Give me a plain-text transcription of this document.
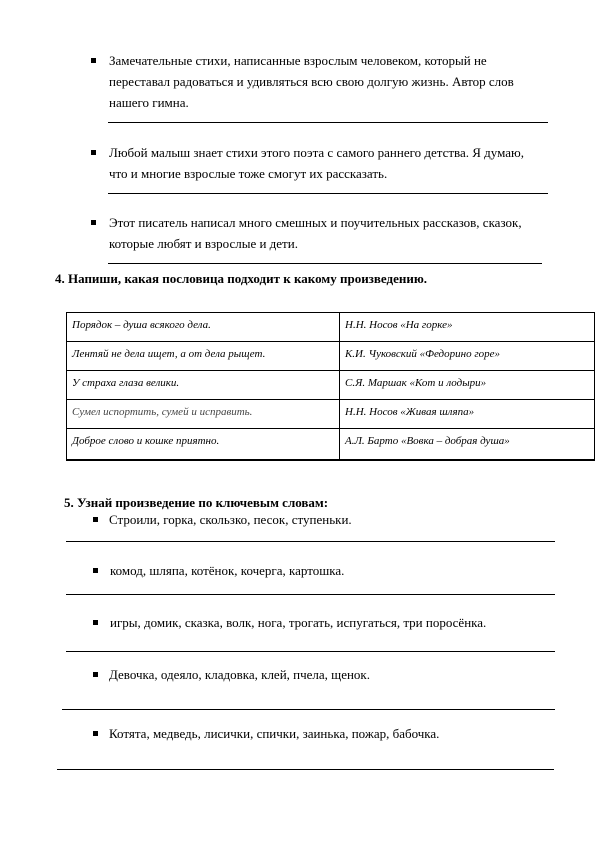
Замечательные стихи, написанные взрослым человеком, который не
переставал радоваться и удивляться всю свою долгую жизнь. Автор слов
нашего гимна.
Любой малыш знает стихи этого поэта с самого раннего детства. Я думаю,
что и многие взрослые тоже смогут их рассказать.
Этот писатель написал много смешных и поучительных рассказов, сказок,
которые любят и взрослые и дети.
4. Напиши, какая пословица подходит к какому произведению.
Порядок – душа всякого дела.	Н.Н. Носов «На горке»
Лентяй не дела ищет, а от дела рыщет.	К.И. Чуковский «Федорино горе»
У страха глаза велики.	С.Я. Маршак «Кот и лодыри»
Сумел испортить, сумей и исправить.	Н.Н. Носов «Живая шляпа»
Доброе слово и кошке приятно.	А.Л. Барто «Вовка – добрая душа»
5. Узнай произведение по ключевым словам:
Строили, горка, скользко, песок, ступеньки.
комод, шляпа, котёнок, кочерга, картошка.
игры, домик, сказка, волк, нога, трогать, испугаться, три поросёнка.
Девочка, одеяло, кладовка, клей, пчела, щенок.
Котята, медведь, лисички, спички, заинька, пожар, бабочка.
